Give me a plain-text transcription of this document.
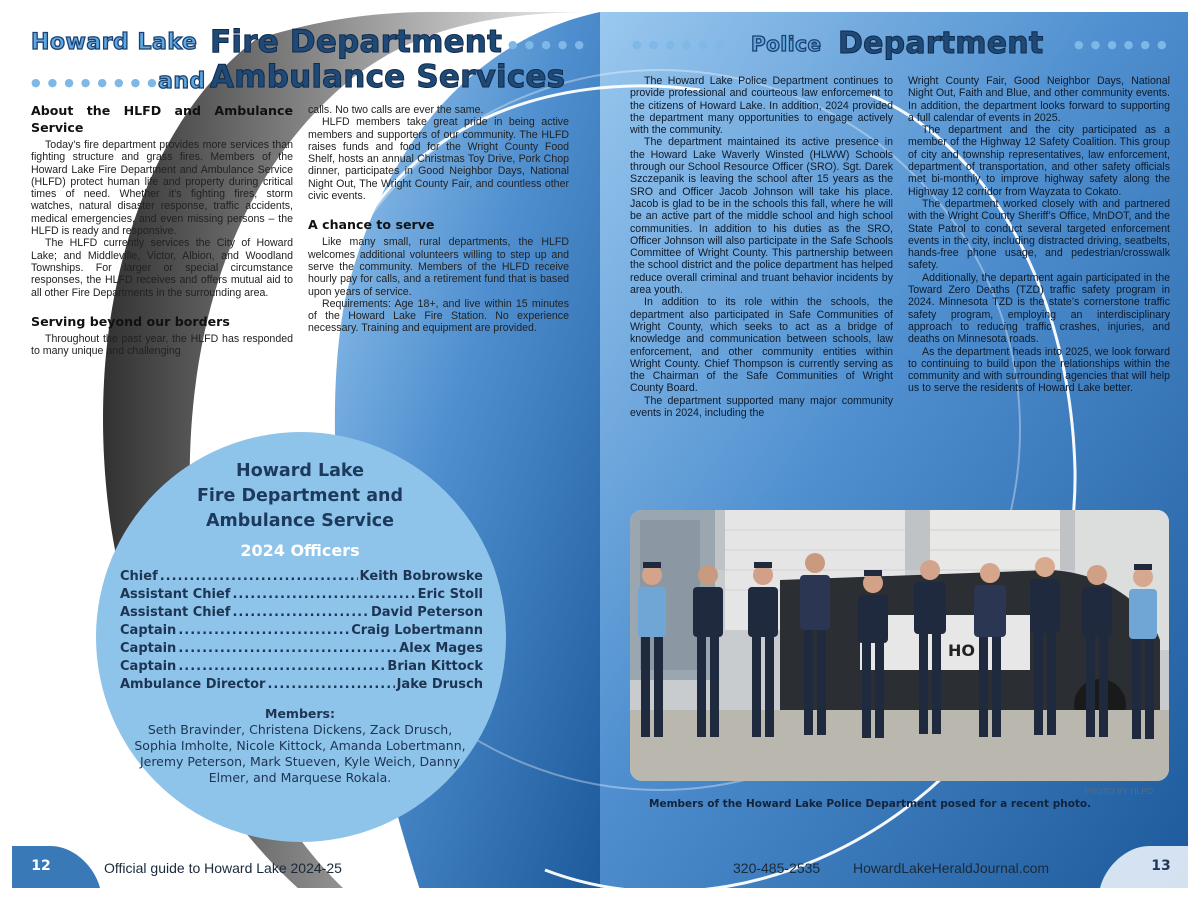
Howard Lake Fire Department ●●●●●
●●●●●●●●
and Ambulance Services
About the HLFD and Ambulance Service

Today’s fire department provides more services than fighting structure and grass fires. Members of the Howard Lake Fire Department and Ambulance Service (HLFD) protect human life and property during critical times of need. Whether it’s fighting fires, storm watches, natural disaster response, traffic accidents, medical emergencies, and even missing persons – the HLFD is ready and responsive.

The HLFD currently services the City of Howard Lake; and Middleville, Victor, Albion, and Woodland Townships. For larger or special circumstance responses, the HLFD receives and offers mutual aid to all other Fire Departments in the surrounding area.

Serving beyond our borders

Throughout the past year, the HLFD has responded to many unique and challenging

calls. No two calls are ever the same.

HLFD members take great pride in being active members and supporters of our community. The HLFD raises funds and food for the Wright County Food Shelf, hosts an annual Christmas Toy Drive, Pork Chop dinner, participates in Good Neighbor Days, National Night Out, The Wright County Fair, and countless other civic events.

A chance to serve

Like many small, rural departments, the HLFD welcomes additional volunteers willing to step up and serve the community. Members of the HLFD receive hourly pay for calls, and a retirement fund that is based upon years of service.

Requirements: Age 18+, and live within 15 minutes of the Howard Lake Fire Station. No experience necessary. Training and equipment are provided.

Howard Lake
Fire Department and
Ambulance Service
2024 Officers
Chief .....	Keith Bobrowske
Assistant Chief .....	Eric Stoll
Assistant Chief .....	David Peterson
Captain .....	Craig Lobertmann
Captain .....	Alex Mages
Captain .....	Brian Kittock
Ambulance Director .....	Jake Drusch
Members:
Seth Bravinder, Christena Dickens, Zack Drusch, Sophia Imholte, Nicole Kittock, Amanda Lobertmann, Jeremy Peterson, Mark Stueven, Kyle Weich, Danny Elmer, and Marquese Rokala.
●●●●●● Police Department	●●●●●●

The Howard Lake Police Department continues to provide professional and courteous law enforcement to the citizens of Howard Lake. In addition, 2024 provided the department many opportunities to engage actively with the community.

The department maintained its active presence in the Howard Lake Waverly Winsted (HLWW) Schools through our School Resource Officer (SRO). Sgt. Darek Szczepanik is leaving the school after 15 years as the SRO and Officer Jacob Johnson will take his place. Jacob is glad to be in the schools this fall, where he will be an active part of the middle school and high school communities. In addition to his duties as the SRO, Officer Johnson will also participate in the Safe Schools Committee of Wright County. This partnership between the school district and the police department has helped reduce overall criminal and truant behavior incidents by area youth.

In addition to its role within the schools, the department also participated in Safe Communities of Wright County, which seeks to act as a bridge of knowledge and communication between schools, law enforcement, and other community entities within Wright County. Chief Thompson is currently serving as the Chairman of the Safe Communities of Wright County Board.

The department supported many major community events in 2024, including the

Wright County Fair, Good Neighbor Days, National Night Out, Faith and Blue, and other community events. In addition, the department looks forward to supporting a full calendar of events in 2025.

The department and the city participated as a member of the Highway 12 Safety Coalition. This group of city and township representatives, law enforcement, department of transportation, and other safety officials met bi-monthly to improve highway safety along the Highway 12 corridor from Wayzata to Cokato.

The department worked closely with and partnered with the Wright County Sheriff’s Office, MnDOT, and the State Patrol to conduct several targeted enforcement events in the city, including distracted driving, seatbelts, hands-free phone usage, and pedestrian/crosswalk safety.

Additionally, the department again participated in the Toward Zero Deaths (TZD) traffic safety program in 2024. Minnesota TZD is the state’s cornerstone traffic safety program, employing an interdisciplinary approach to reducing traffic crashes, injuries, and deaths on Minnesota roads.

As the department heads into 2025, we look forward to continuing to build upon the relationships within the community and with surrounding agencies that will help us to serve the residents of Howard Lake better.

HO
PHOTO BY HLPD
Members of the Howard Lake Police Department posed for a recent photo.
12	Official guide to Howard Lake 2024-25	320-485-2535 HowardLakeHeraldJournal.com	13
